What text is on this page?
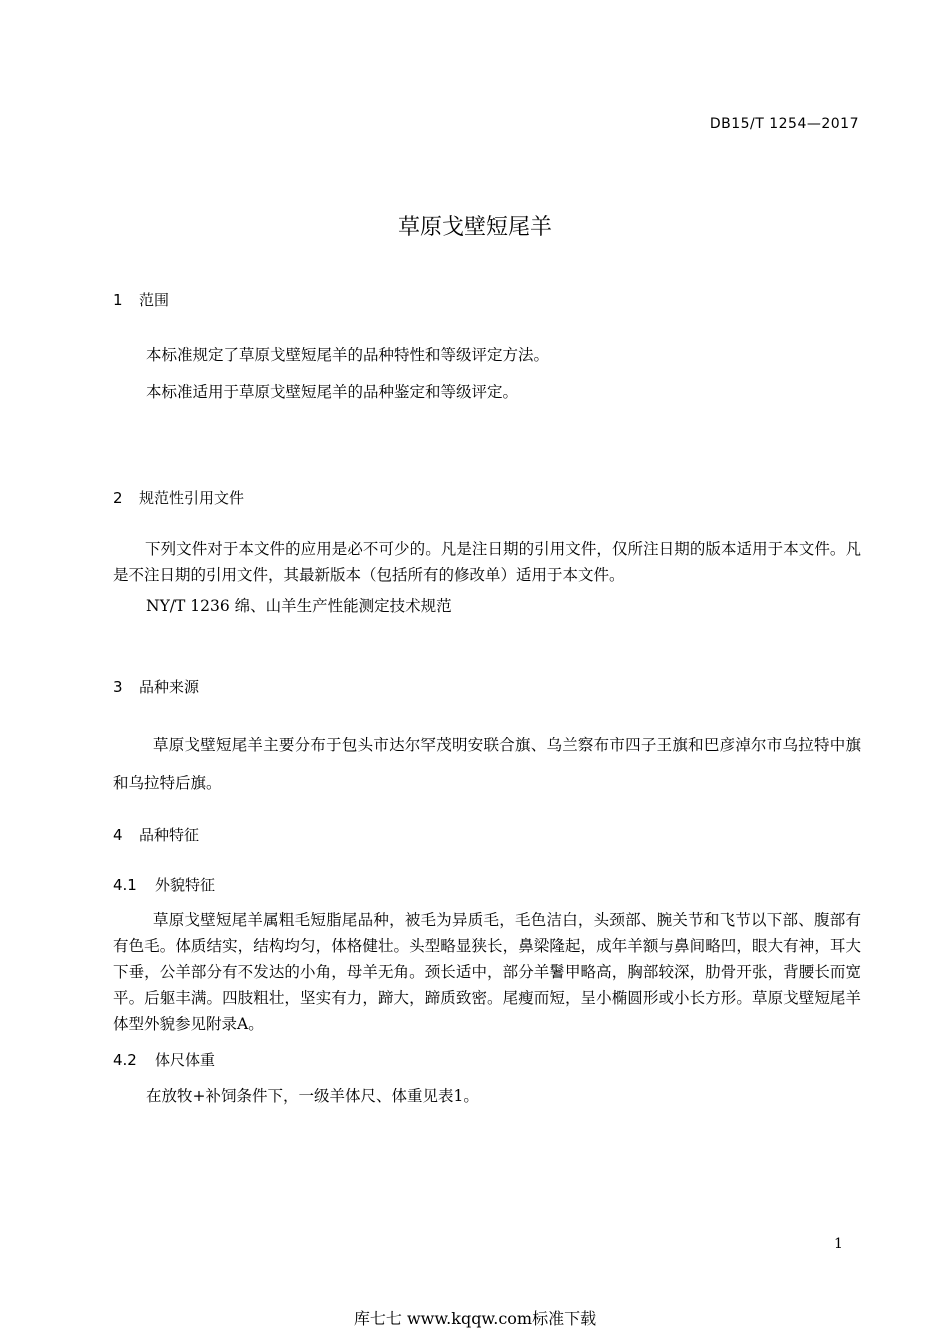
DB15/T 1254—2017
草原戈壁短尾羊
1 范围
本标准规定了草原戈壁短尾羊的品种特性和等级评定方法。
本标准适用于草原戈壁短尾羊的品种鉴定和等级评定。
2 规范性引用文件
下列文件对于本文件的应用是必不可少的。凡是注日期的引用文件，仅所注日期的版本适用于本文件。凡是不注日期的引用文件，其最新版本（包括所有的修改单）适用于本文件。
NY/T 1236 绵、山羊生产性能测定技术规范
3 品种来源
草原戈壁短尾羊主要分布于包头市达尔罕茂明安联合旗、乌兰察布市四子王旗和巴彦淖尔市乌拉特中旗和乌拉特后旗。
4 品种特征
4.1 外貌特征
草原戈壁短尾羊属粗毛短脂尾品种，被毛为异质毛，毛色洁白，头颈部、腕关节和飞节以下部、腹部有有色毛。体质结实，结构均匀，体格健壮。头型略显狭长，鼻梁隆起，成年羊额与鼻间略凹，眼大有神，耳大下垂，公羊部分有不发达的小角，母羊无角。颈长适中，部分羊鬐甲略高，胸部较深，肋骨开张，背腰长而宽平。后躯丰满。四肢粗壮，坚实有力，蹄大，蹄质致密。尾瘦而短，呈小椭圆形或小长方形。草原戈壁短尾羊体型外貌参见附录A。
4.2 体尺体重
在放牧+补饲条件下，一级羊体尺、体重见表1。
1
库七七 www.kqqw.com标准下载
